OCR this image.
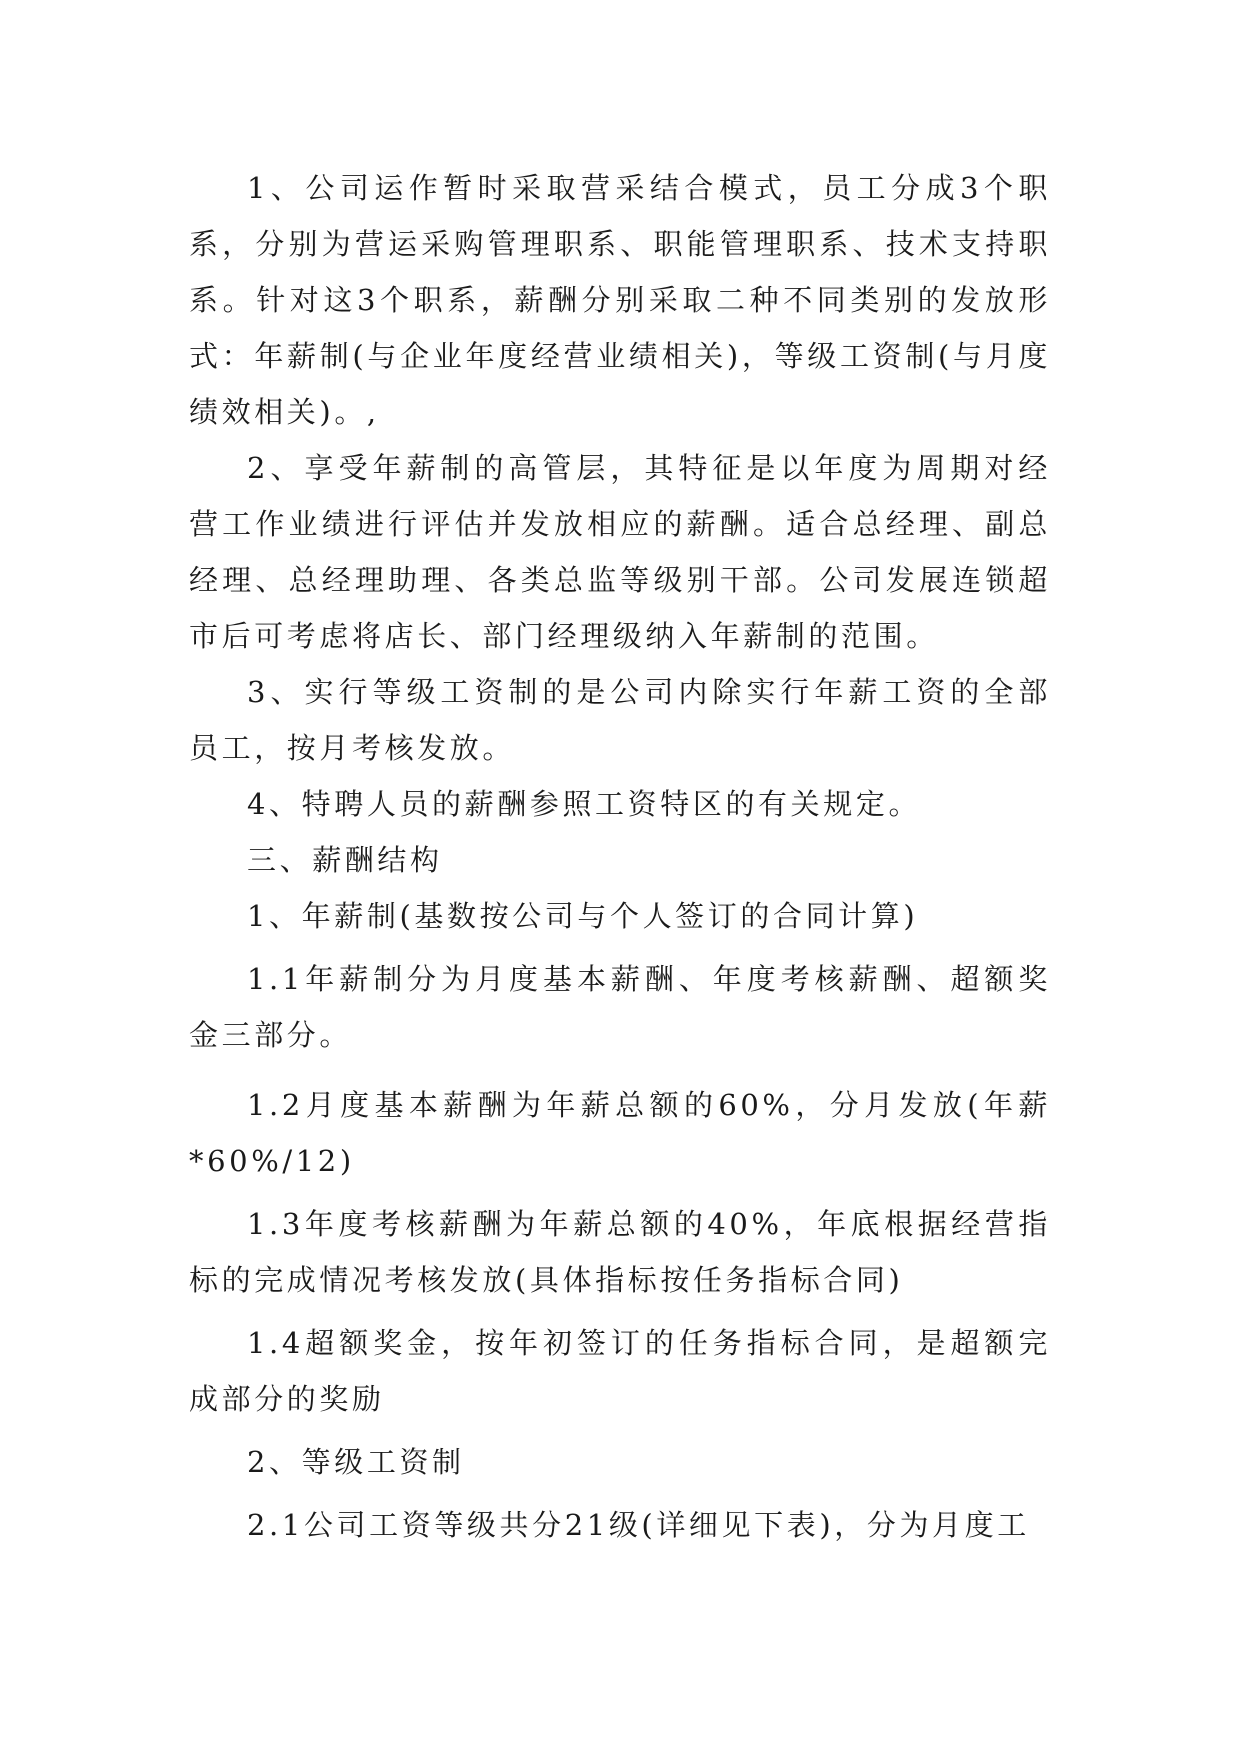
1、公司运作暂时采取营采结合模式，员工分成3个职系，分别为营运采购管理职系、职能管理职系、技术支持职系。针对这3个职系，薪酬分别采取二种不同类别的发放形式：年薪制(与企业年度经营业绩相关)，等级工资制(与月度绩效相关)。,

2、享受年薪制的高管层，其特征是以年度为周期对经营工作业绩进行评估并发放相应的薪酬。适合总经理、副总经理、总经理助理、各类总监等级别干部。公司发展连锁超市后可考虑将店长、部门经理级纳入年薪制的范围。

3、实行等级工资制的是公司内除实行年薪工资的全部员工，按月考核发放。

4、特聘人员的薪酬参照工资特区的有关规定。

三、薪酬结构

1、年薪制(基数按公司与个人签订的合同计算)

1.1年薪制分为月度基本薪酬、年度考核薪酬、超额奖金三部分。

1.2月度基本薪酬为年薪总额的60%，分月发放(年薪*60%/12)

1.3年度考核薪酬为年薪总额的40%，年底根据经营指标的完成情况考核发放(具体指标按任务指标合同)

1.4超额奖金，按年初签订的任务指标合同，是超额完成部分的奖励

2、等级工资制

2.1公司工资等级共分21级(详细见下表)，分为月度工
